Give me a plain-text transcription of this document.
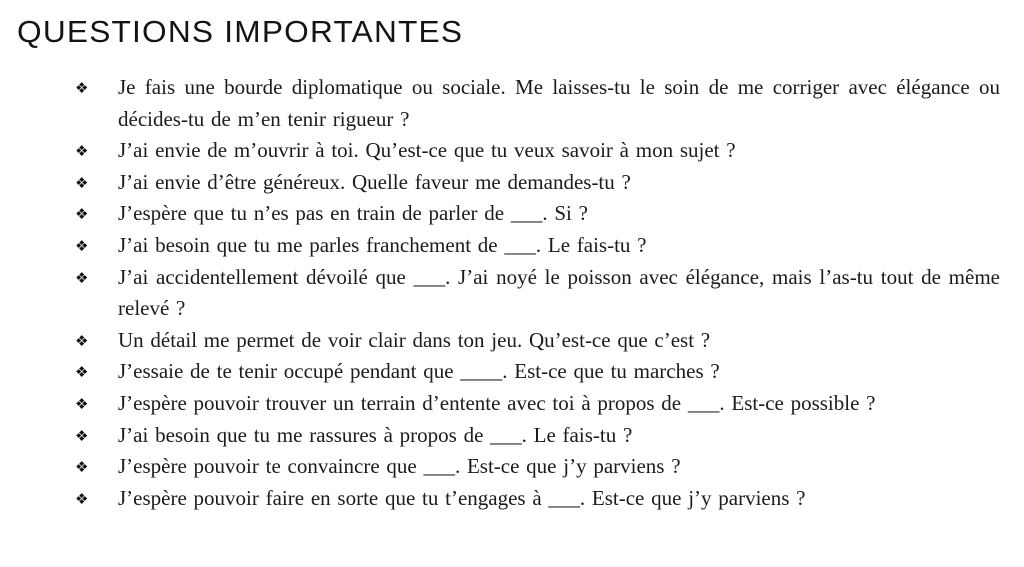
QUESTIONS IMPORTANTES
❖ Je fais une bourde diplomatique ou sociale. Me laisses-tu le soin de me corriger avec élégance ou décides-tu de m’en tenir rigueur ?
❖ J’ai envie de m’ouvrir à toi. Qu’est-ce que tu veux savoir à mon sujet ?
❖ J’ai envie d’être généreux. Quelle faveur me demandes-tu ?
❖ J’espère que tu n’es pas en train de parler de ___. Si ?
❖ J’ai besoin que tu me parles franchement de ___. Le fais-tu ?
❖ J’ai accidentellement dévoilé que ___. J’ai noyé le poisson avec élégance, mais l’as-tu tout de même relevé ?
❖ Un détail me permet de voir clair dans ton jeu. Qu’est-ce que c’est ?
❖ J’essaie de te tenir occupé pendant que ____. Est-ce que tu marches ?
❖ J’espère pouvoir trouver un terrain d’entente avec toi à propos de ___. Est-ce possible ?
❖ J’ai besoin que tu me rassures à propos de ___. Le fais-tu ?
❖ J’espère pouvoir te convaincre que ___. Est-ce que j’y parviens ?
❖ J’espère pouvoir faire en sorte que tu t’engages à ___. Est-ce que j’y parviens ?
